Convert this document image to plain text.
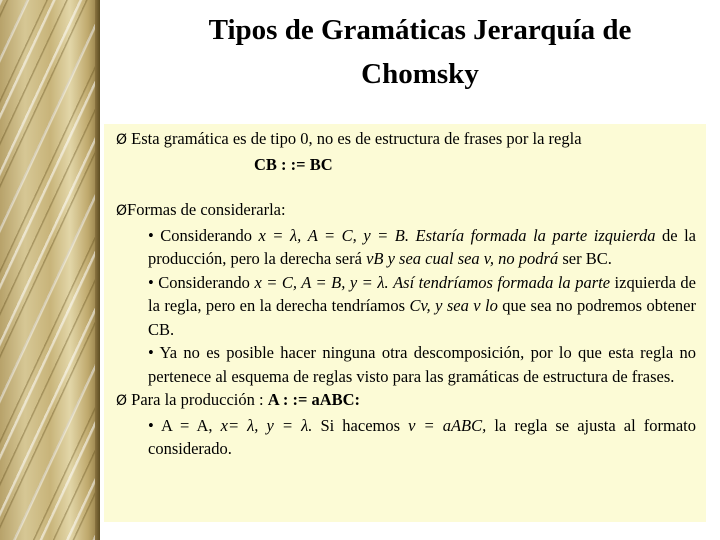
Tipos de Gramáticas Jerarquía de
Chomsky

Ø Esta gramática es de tipo 0, no es de estructura de frases por la regla

CB : := BC

ØFormas de considerarla:

• Considerando x = λ, A = C, y = B. Estaría formada la parte izquierda de la producción, pero la derecha será vB y sea cual sea v, no podrá ser BC.

• Considerando x = C, A = B, y = λ. Así tendríamos formada la parte izquierda de la regla, pero en la derecha tendríamos Cv, y sea v lo que sea no podremos obtener CB.

• Ya no es posible hacer ninguna otra descomposición, por lo que esta regla no pertenece al esquema de reglas visto para las gramáticas de estructura de frases.

Ø Para la producción : A : := aABC:

• A = A, x= λ, y = λ. Si hacemos v = aABC, la regla se ajusta al formato considerado.
